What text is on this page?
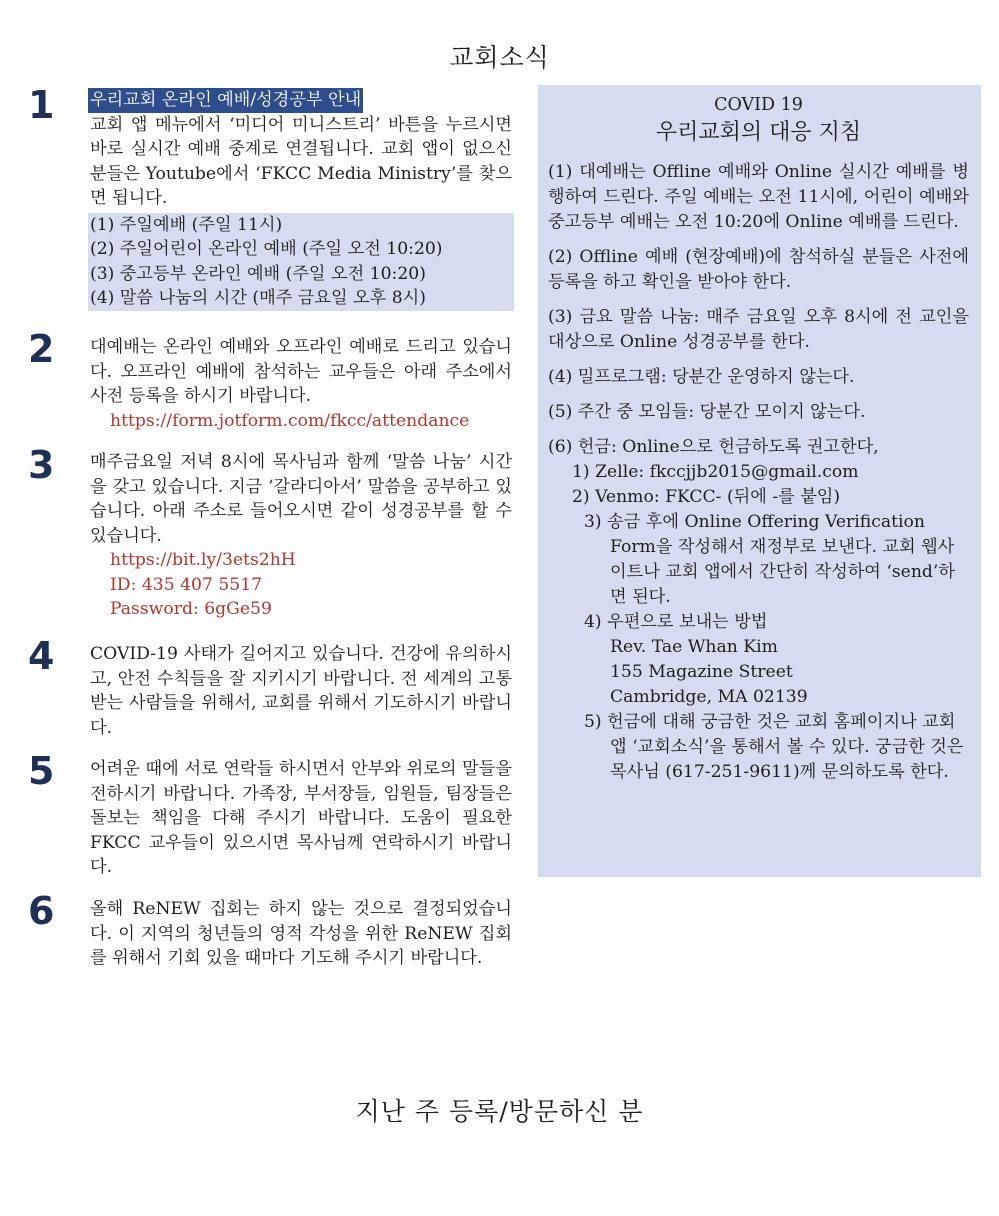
교회소식
1 우리교회 온라인 예배/성경공부 안내

교회 앱 메뉴에서 ‘미디어 미니스트리’ 바튼을 누르시면 바로 실시간 예배 중계로 연결됩니다. 교회 앱이 없으신 분들은 Youtube에서 ‘FKCC Media Ministry’를 찾으면 됩니다.

(1) 주일예배 (주일 11시)
(2) 주일어린이 온라인 예배 (주일 오전 10:20)
(3) 중고등부 온라인 예배 (주일 오전 10:20)
(4) 말씀 나눔의 시간 (매주 금요일 오후 8시)
2 대예배는 온라인 예배와 오프라인 예배로 드리고 있습니다. 오프라인 예배에 참석하는 교우들은 아래 주소에서 사전 등록을 하시기 바랍니다.

https://form.jotform.com/fkcc/attendance
3 매주금요일 저녁 8시에 목사님과 함께 ‘말씀 나눔’ 시간을 갖고 있습니다. 지금 ‘갈라디아서’ 말씀을 공부하고 있습니다. 아래 주소로 들어오시면 같이 성경공부를 할 수 있습니다.

https://bit.ly/3ets2hH
ID: 435 407 5517
Password: 6gGe59
4 COVID-19 사태가 길어지고 있습니다. 건강에 유의하시고, 안전 수칙들을 잘 지키시기 바랍니다. 전 세계의 고통받는 사람들을 위해서, 교회를 위해서 기도하시기 바랍니다.

5 어려운 때에 서로 연락들 하시면서 안부와 위로의 말들을 전하시기 바랍니다. 가족장, 부서장들, 임원들, 팀장들은 돌보는 책임을 다해 주시기 바랍니다. 도움이 필요한 FKCC 교우들이 있으시면 목사님께 연락하시기 바랍니다.

6 올해 ReNEW 집회는 하지 않는 것으로 결정되었습니다. 이 지역의 청년들의 영적 각성을 위한 ReNEW 집회를 위해서 기회 있을 때마다 기도해 주시기 바랍니다.

COVID 19
우리교회의 대응 지침

(1) 대예배는 Offline 예배와 Online 실시간 예배를 병행하여 드린다. 주일 예배는 오전 11시에, 어린이 예배와 중고등부 예배는 오전 10:20에 Online 예배를 드린다.

(2) Offline 예배 (현장예배)에 참석하실 분들은 사전에 등록을 하고 확인을 받아야 한다.

(3) 금요 말씀 나눔: 매주 금요일 오후 8시에 전 교인을 대상으로 Online 성경공부를 한다.

(4) 밀프로그램: 당분간 운영하지 않는다.

(5) 주간 중 모임들: 당분간 모이지 않는다.

(6) 헌금: Online으로 헌금하도록 권고한다,
1) Zelle: fkccjjb2015@gmail.com
2) Venmo: FKCC- (뒤에 -를 붙임)
3) 송금 후에 Online Offering Verification Form을 작성해서 재정부로 보낸다. 교회 웹사이트나 교회 앱에서 간단히 작성하여 ‘send’하면 된다.
4) 우편으로 보내는 방법
Rev. Tae Whan Kim
155 Magazine Street
Cambridge, MA 02139
5) 헌금에 대해 궁금한 것은 교회 홈페이지나 교회 앱 ‘교회소식’을 통해서 볼 수 있다. 궁금한 것은 목사님 (617-251-9611)께 문의하도록 한다.
지난 주 등록/방문하신 분
